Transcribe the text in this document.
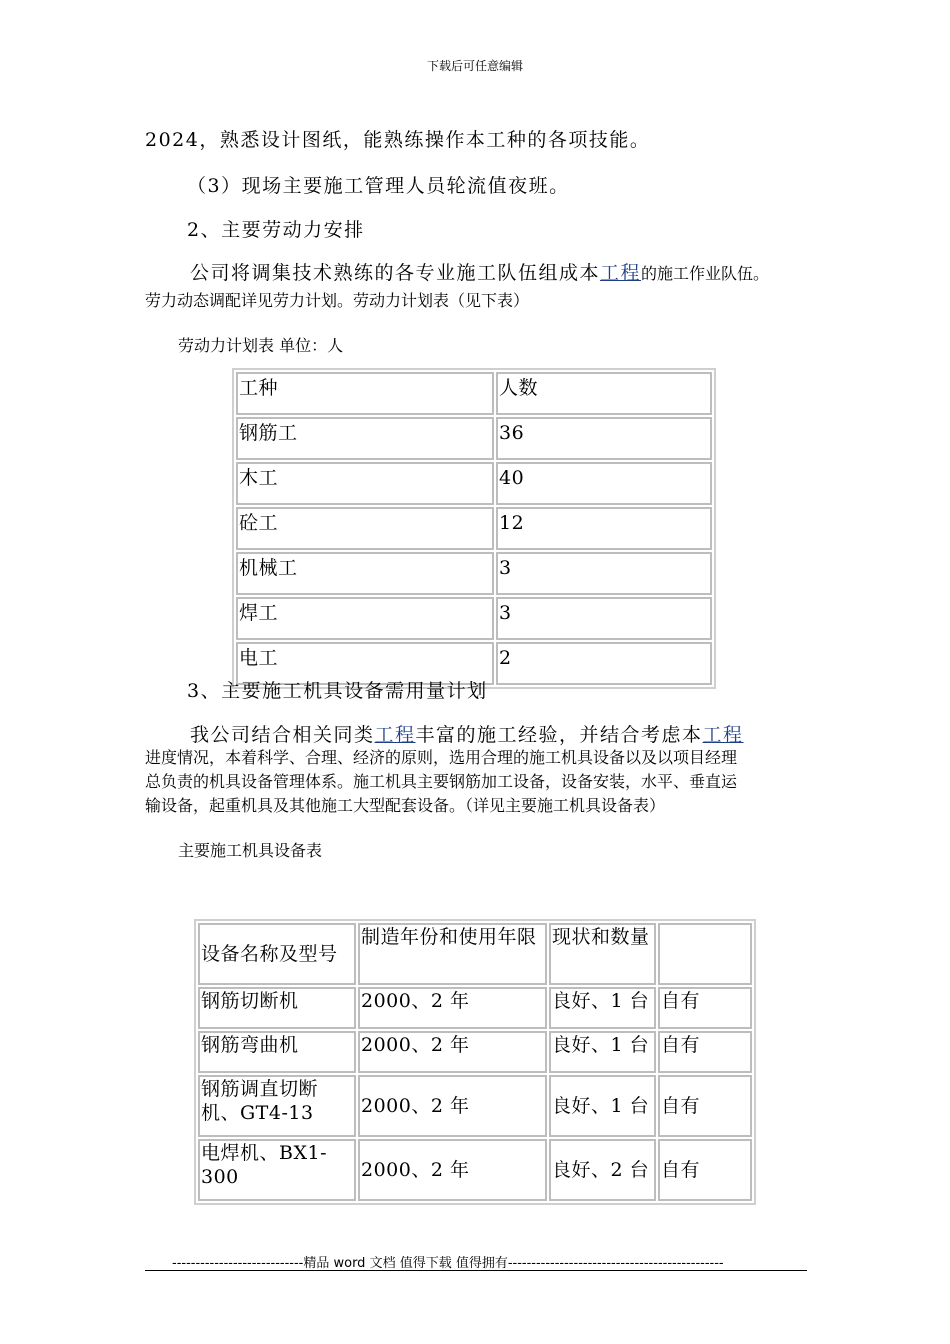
下载后可任意编辑
2024，熟悉设计图纸，能熟练操作本工种的各项技能。
（3）现场主要施工管理人员轮流值夜班。
2、主要劳动力安排
公司将调集技术熟练的各专业施工队伍组成本工程的施工作业队伍。
劳力动态调配详见劳力计划。劳动力计划表（见下表）
劳动力计划表 单位：人
工种	人数
钢筋工	36
木工	40
砼工	12
机械工	3
焊工	3
电工	2
3、主要施工机具设备需用量计划
我公司结合相关同类工程丰富的施工经验，并结合考虑本工程
进度情况，本着科学、合理、经济的原则，选用合理的施工机具设备以及以项目经理
总负责的机具设备管理体系。施工机具主要钢筋加工设备，设备安装，水平、垂直运
输设备，起重机具及其他施工大型配套设备。（详见主要施工机具设备表）
主要施工机具设备表
设备名称及型号	制造年份和使用年限	现状和数量	
钢筋切断机	2000、2 年	良好、1 台	自有
钢筋弯曲机	2000、2 年	良好、1 台	自有
钢筋调直切断机、GT4-13	2000、2 年	良好、1 台	自有
电焊机、BX1-300	2000、2 年	良好、2 台	自有
----------------------------精品 word 文档 值得下载 值得拥有----------------------------------------------
